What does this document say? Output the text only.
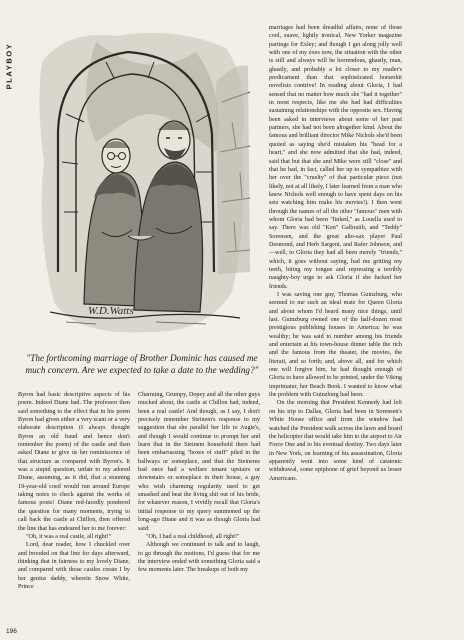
PLAYBOY
W.D.Watts

"The forthcoming marriage of Brother Dominic has caused me much concern. Are we expected to take a date to the wedding?"

Byron had basic descriptive aspects of his poem. Indeed Diane had. The professor then said something to the effect that in his poem Byron had given either a very scant or a very elaborate description (I always thought Byron an old fraud and hence don't remember the poem) of the castle and then asked Diane to give us her reminiscence of that structure as compared with Byron's. It was a stupid question, unfair to my adored Diane, assuming, as it did, that a stunning 19-year-old coed would run around Europe taking notes to check against the works of famous poets! Diane red-facedly pondered the question for many moments, trying to call back the castle at Chillon, then offered the line that has endeared her to me forever:

"Oh, it was a real castle, all right!"

Lord, dear reader, how I chuckled over and brooded on that line for days afterward, thinking that in fairness to my lovely Diane, and compared with those castles create I by her genius daddy, wherein Snow White, Prince

Charming, Grumpy, Dopey and all the other guys mucked about, the castle at Chillon had, indeed, been a real castle! And though, as I say, I don't precisely remember Steinem's response to my suggestion that she parallel her life to Augie's, and though I would continue to prompt her and learn that in the Steinem household there had been embarrassing "boxes of stuff" piled in the hallways or someplace, and that the Steinems had once had a welfare tenant upstairs or downstairs or someplace in their house, a guy who wish charming regularity used to get smashed and beat the living shit out of his bride, for whatever reason, I vividly recall that Gloria's initial response to my query summoned up the long-ago Diane and it was as though Gloria had said:

"Oh, I had a real childhood, all right!"

Although we continued to talk and to laugh, to go through the motions, I'd guess that for me the interview ended with something Gloria said a few moments later. The breakups of both my

marriages had been dreadful affairs, none of those cool, suave, lightly ironical, New Yorker magazine partings for Exley; and though I get along jolly well with one of my exes now, the situation with the other is still and always will be horrendous, ghastly, man, ghastly, and probably a lot closer to my reader's predicament than that sophisticated horseshit novelists contrive! In reading about Gloria, I had sensed that no matter how much she "had it together" in most respects, like me she had had difficulties sustaining relationships with the opposite sex. Having been asked in interviews about some of her past partners, she had not been altogether kind. About the famous and brilliant director Mike Nichols she'd been quoted as saying she'd mistaken his "head for a heart," and she now admitted that she had, indeed, said that but that she and Mike were still "close" and that he had, in fact, called her up to sympathize with her over the "cruelty" of that particular piece (not likely, not at all likely, I later learned from a man who knew Nichols well enough to have spent days on his sets watching him make his movies!). I then went through the names of all the other "famous" men with whom Gloria had been "linked," as Louella used to say. There was old "Ken" Galbraith, and "Teddy" Sorensen, and the great alto-sax player Paul Desmond, and Herb Sargent, and Rafer Johnson, and—well, to Gloria they had all been merely "friends," which, it goes without saying, had me gritting my teeth, biting my tongue and repressing a terribly naughty-boy urge to ask Gloria if she fucked her friends.

I was saving one guy, Thomas Guinzburg, who seemed to me such an ideal mate for Queen Gloria and about whom I'd heard many nice things, until last. Guinzburg owned one of the half-dozen most prestigious publishing houses in America; he was wealthy; he was said to number among his friends and entertain at his town-house dinner table the rich and the famous from the theater, the movies, the literati, and so forth; and, above all, and for which one will forgive him, he had thought enough of Gloria to have allowed to be printed, under the Viking imprimatur, her Beach Book. I wanted to know what the problem with Guinzburg had been.

On the morning that President Kennedy had left on his trip to Dallas, Gloria had been in Sorensen's White House office and from the window had watched the President walk across the lawn and board the helicopter that would take him to the airport to Air Force One and to his eventual destiny. Two days later in New York, on learning of his assassination, Gloria apparently went into some kind of catatonic withdrawal, some epiphone of grief beyond us lesser Americans.

196
